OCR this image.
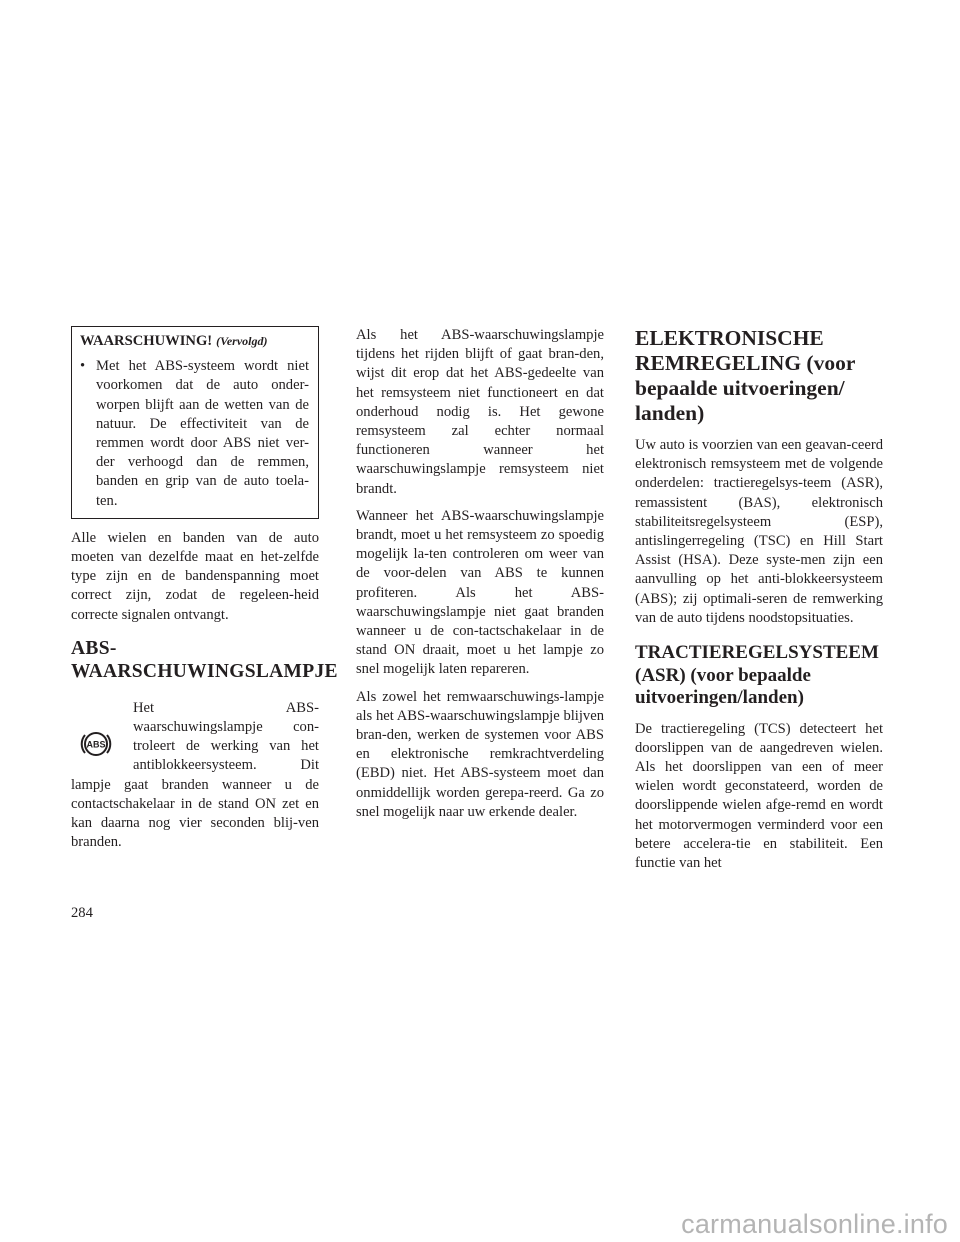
WAARSCHUWING! (Vervolgd)
• Met het ABS-systeem wordt niet voorkomen dat de auto onder-worpen blijft aan de wetten van de natuur. De effectiviteit van de remmen wordt door ABS niet ver-der verhoogd dan de remmen, banden en grip van de auto toela-ten.

Alle wielen en banden van de auto moeten van dezelfde maat en het-zelfde type zijn en de bandenspanning moet correct zijn, zodat de regeleen-heid correcte signalen ontvangt.

ABS-
WAARSCHUWINGSLAMPJE
ABS

Het ABS-waarschuwingslampje con-troleert de werking van het antiblokkeersysteem. Dit

lampje gaat branden wanneer u de contactschakelaar in de stand ON zet en kan daarna nog vier seconden blij-ven branden.

Als het ABS-waarschuwingslampje tijdens het rijden blijft of gaat bran-den, wijst dit erop dat het ABS-gedeelte van het remsysteem niet functioneert en dat onderhoud nodig is. Het gewone remsysteem zal echter normaal functioneren wanneer het waarschuwingslampje remsysteem niet brandt.

Wanneer het ABS-waarschuwingslampje brandt, moet u het remsysteem zo spoedig mogelijk la-ten controleren om weer van de voor-delen van ABS te kunnen profiteren. Als het ABS-waarschuwingslampje niet gaat branden wanneer u de con-tactschakelaar in de stand ON draait, moet u het lampje zo snel mogelijk laten repareren.

Als zowel het remwaarschuwings-lampje als het ABS-waarschuwingslampje blijven bran-den, werken de systemen voor ABS en elektronische remkrachtverdeling (EBD) niet. Het ABS-systeem moet dan onmiddellijk worden gerepa-reerd. Ga zo snel mogelijk naar uw erkende dealer.

ELEKTRONISCHE REMREGELING (voor bepaalde uitvoeringen/ landen)

Uw auto is voorzien van een geavan-ceerd elektronisch remsysteem met de volgende onderdelen: tractieregelsys-teem (ASR), remassistent (BAS), elektronisch stabiliteitsregelsysteem (ESP), antislingerregeling (TSC) en Hill Start Assist (HSA). Deze syste-men zijn een aanvulling op het anti-blokkeersysteem (ABS); zij optimali-seren de remwerking van de auto tijdens noodstopsituaties.

TRACTIEREGELSYSTEEM (ASR) (voor bepaalde uitvoeringen/landen)

De tractieregeling (TCS) detecteert het doorslippen van de aangedreven wielen. Als het doorslippen van een of meer wielen wordt geconstateerd, worden de doorslippende wielen afge-remd en wordt het motorvermogen verminderd voor een betere accelera-tie en stabiliteit. Een functie van het

284
carmanualsonline.info
